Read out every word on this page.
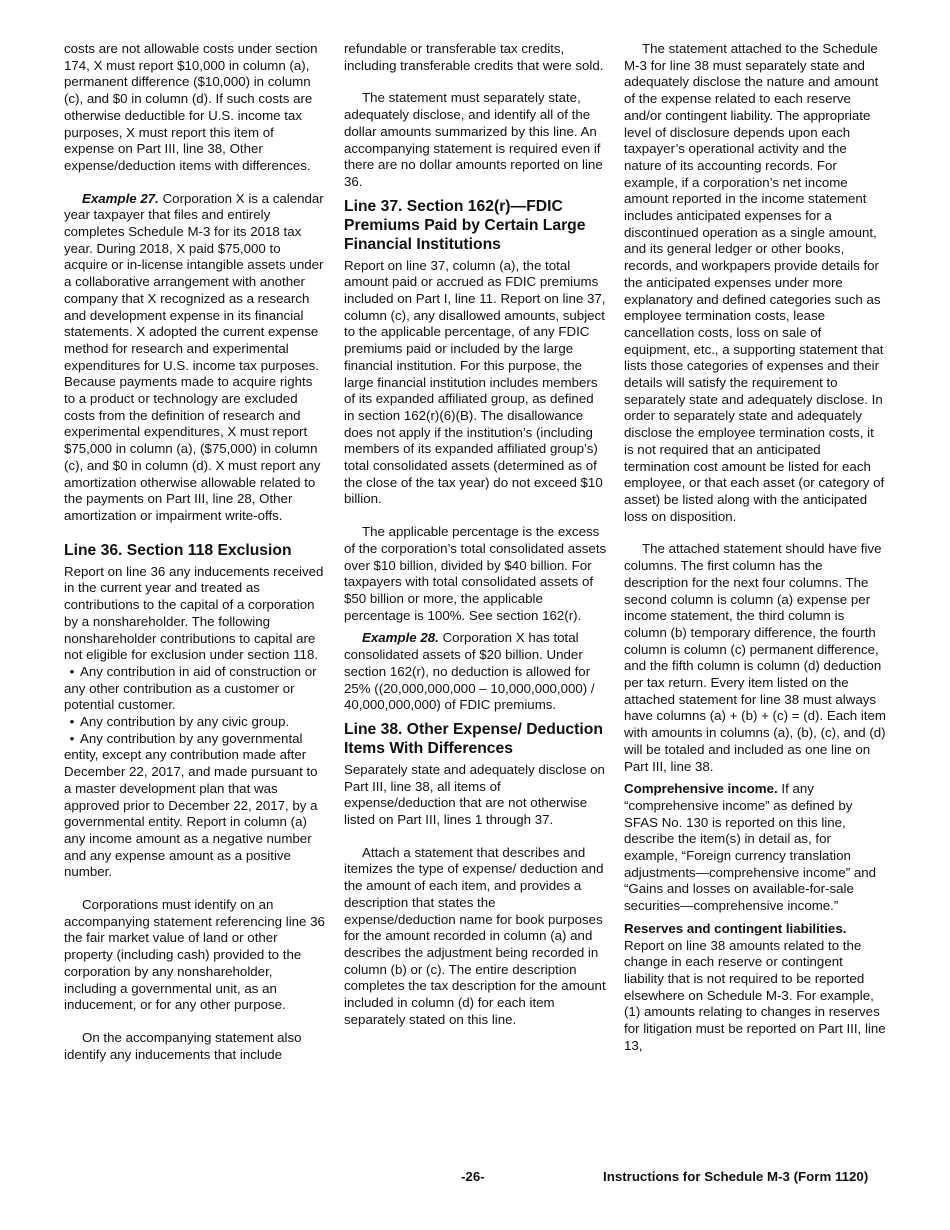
costs are not allowable costs under section 174, X must report $10,000 in column (a), permanent difference ($10,000) in column (c), and $0 in column (d). If such costs are otherwise deductible for U.S. income tax purposes, X must report this item of expense on Part III, line 38, Other expense/deduction items with differences.

Example 27. Corporation X is a calendar year taxpayer that files and entirely completes Schedule M-3 for its 2018 tax year. During 2018, X paid $75,000 to acquire or in-license intangible assets under a collaborative arrangement with another company that X recognized as a research and development expense in its financial statements. X adopted the current expense method for research and experimental expenditures for U.S. income tax purposes. Because payments made to acquire rights to a product or technology are excluded costs from the definition of research and experimental expenditures, X must report $75,000 in column (a), ($75,000) in column (c), and $0 in column (d). X must report any amortization otherwise allowable related to the payments on Part III, line 28, Other amortization or impairment write-offs.

Line 36. Section 118 Exclusion

Report on line 36 any inducements received in the current year and treated as contributions to the capital of a corporation by a nonshareholder. The following nonshareholder contributions to capital are not eligible for exclusion under section 118.

• Any contribution in aid of construction or any other contribution as a customer or potential customer.

• Any contribution by any civic group.

• Any contribution by any governmental entity, except any contribution made after December 22, 2017, and made pursuant to a master development plan that was approved prior to December 22, 2017, by a governmental entity. Report in column (a) any income amount as a negative number and any expense amount as a positive number.

Corporations must identify on an accompanying statement referencing line 36 the fair market value of land or other property (including cash) provided to the corporation by any nonshareholder, including a governmental unit, as an inducement, or for any other purpose.

On the accompanying statement also identify any inducements that include

refundable or transferable tax credits, including transferable credits that were sold.

The statement must separately state, adequately disclose, and identify all of the dollar amounts summarized by this line. An accompanying statement is required even if there are no dollar amounts reported on line 36.

Line 37. Section 162(r)—FDIC Premiums Paid by Certain Large Financial Institutions

Report on line 37, column (a), the total amount paid or accrued as FDIC premiums included on Part I, line 11. Report on line 37, column (c), any disallowed amounts, subject to the applicable percentage, of any FDIC premiums paid or included by the large financial institution. For this purpose, the large financial institution includes members of its expanded affiliated group, as defined in section 162(r)(6)(B). The disallowance does not apply if the institution’s (including members of its expanded affiliated group’s) total consolidated assets (determined as of the close of the tax year) do not exceed $10 billion.

The applicable percentage is the excess of the corporation’s total consolidated assets over $10 billion, divided by $40 billion. For taxpayers with total consolidated assets of $50 billion or more, the applicable percentage is 100%. See section 162(r).

Example 28. Corporation X has total consolidated assets of $20 billion. Under section 162(r), no deduction is allowed for 25% ((20,000,000,000 – 10,000,000,000) / 40,000,000,000) of FDIC premiums.

Line 38. Other Expense/ Deduction Items With Differences

Separately state and adequately disclose on Part III, line 38, all items of expense/deduction that are not otherwise listed on Part III, lines 1 through 37.

Attach a statement that describes and itemizes the type of expense/ deduction and the amount of each item, and provides a description that states the expense/deduction name for book purposes for the amount recorded in column (a) and describes the adjustment being recorded in column (b) or (c). The entire description completes the tax description for the amount included in column (d) for each item separately stated on this line.

The statement attached to the Schedule M-3 for line 38 must separately state and adequately disclose the nature and amount of the expense related to each reserve and/or contingent liability. The appropriate level of disclosure depends upon each taxpayer’s operational activity and the nature of its accounting records. For example, if a corporation’s net income amount reported in the income statement includes anticipated expenses for a discontinued operation as a single amount, and its general ledger or other books, records, and workpapers provide details for the anticipated expenses under more explanatory and defined categories such as employee termination costs, lease cancellation costs, loss on sale of equipment, etc., a supporting statement that lists those categories of expenses and their details will satisfy the requirement to separately state and adequately disclose. In order to separately state and adequately disclose the employee termination costs, it is not required that an anticipated termination cost amount be listed for each employee, or that each asset (or category of asset) be listed along with the anticipated loss on disposition.

The attached statement should have five columns. The first column has the description for the next four columns. The second column is column (a) expense per income statement, the third column is column (b) temporary difference, the fourth column is column (c) permanent difference, and the fifth column is column (d) deduction per tax return. Every item listed on the attached statement for line 38 must always have columns (a) + (b) + (c) = (d). Each item with amounts in columns (a), (b), (c), and (d) will be totaled and included as one line on Part III, line 38.

Comprehensive income. If any “comprehensive income” as defined by SFAS No. 130 is reported on this line, describe the item(s) in detail as, for example, “Foreign currency translation adjustments—comprehensive income” and “Gains and losses on available-for-sale securities—comprehensive income.”

Reserves and contingent liabilities. Report on line 38 amounts related to the change in each reserve or contingent liability that is not required to be reported elsewhere on Schedule M-3. For example, (1) amounts relating to changes in reserves for litigation must be reported on Part III, line 13,

-26-	Instructions for Schedule M-3 (Form 1120)
